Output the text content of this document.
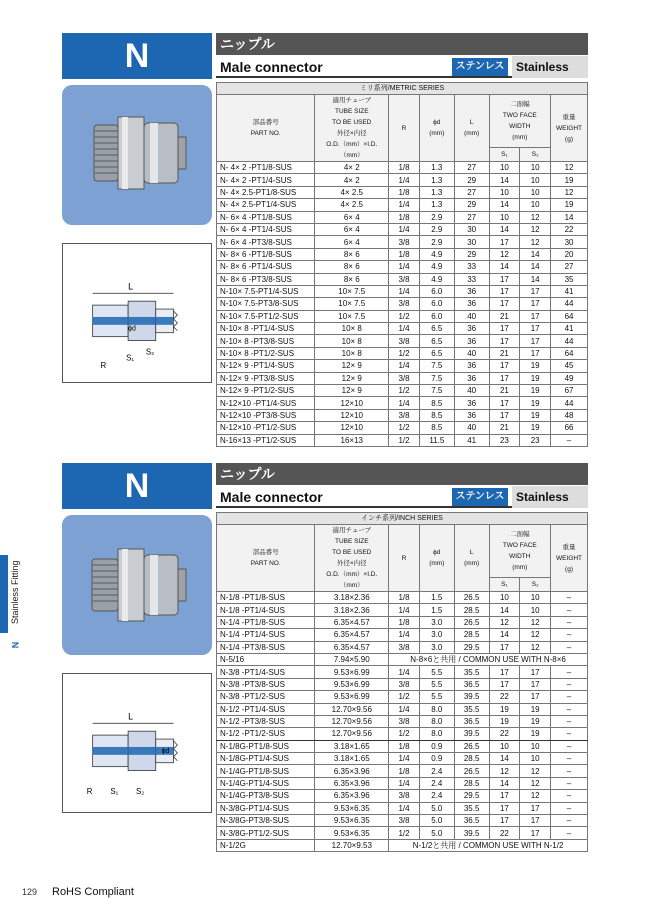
N	ニップル
Male connector	ステンレス Stainless
L
ϕd
R
S₁
S₂
ミリ系列/METRIC SERIES							
部品番号
PART NO.	適用チューブ
TUBE SIZE
TO BE USED
外径×内径
O.D.（mm）×I.D.（mm）	R	ϕd
(mm)	L
(mm)	二面幅
TWO FACE
WIDTH
(mm)		重量
WEIGHT
(g)
					S₁	S₂	
N- 4× 2 -PT1/8-SUS	4× 2	1/8	1.3	27	10	10	12
N- 4× 2 -PT1/4-SUS	4× 2	1/4	1.3	29	14	10	19
N- 4× 2.5-PT1/8-SUS	4× 2.5	1/8	1.3	27	10	10	12
N- 4× 2.5-PT1/4-SUS	4× 2.5	1/4	1.3	29	14	10	19
N- 6× 4 -PT1/8-SUS	6× 4	1/8	2.9	27	10	12	14
N- 6× 4 -PT1/4-SUS	6× 4	1/4	2.9	30	14	12	22
N- 6× 4 -PT3/8-SUS	6× 4	3/8	2.9	30	17	12	30
N- 8× 6 -PT1/8-SUS	8× 6	1/8	4.9	29	12	14	20
N- 8× 6 -PT1/4-SUS	8× 6	1/4	4.9	33	14	14	27
N- 8× 6 -PT3/8-SUS	8× 6	3/8	4.9	33	17	14	35
N-10× 7.5-PT1/4-SUS	10× 7.5	1/4	6.0	36	17	17	41
N-10× 7.5-PT3/8-SUS	10× 7.5	3/8	6.0	36	17	17	44
N-10× 7.5-PT1/2-SUS	10× 7.5	1/2	6.0	40	21	17	64
N-10× 8 -PT1/4-SUS	10× 8	1/4	6.5	36	17	17	41
N-10× 8 -PT3/8-SUS	10× 8	3/8	6.5	36	17	17	44
N-10× 8 -PT1/2-SUS	10× 8	1/2	6.5	40	21	17	64
N-12× 9 -PT1/4-SUS	12× 9	1/4	7.5	36	17	19	45
N-12× 9 -PT3/8-SUS	12× 9	3/8	7.5	36	17	19	49
N-12× 9 -PT1/2-SUS	12× 9	1/2	7.5	40	21	19	67
N-12×10 -PT1/4-SUS	12×10	1/4	8.5	36	17	19	44
N-12×10 -PT3/8-SUS	12×10	3/8	8.5	36	17	19	48
N-12×10 -PT1/2-SUS	12×10	1/2	8.5	40	21	19	66
N-16×13 -PT1/2-SUS	16×13	1/2	11.5	41	23	23	–
N	ニップル
Male connector	ステンレス Stainless
L
ϕd
R S₁ S₂
インチ系列/INCH SERIES							
部品番号
PART NO.	適用チューブ
TUBE SIZE
TO BE USED
外径×内径
O.D.（mm）×I.D.（mm）	R	ϕd
(mm)	L
(mm)	二面幅
TWO FACE
WIDTH
(mm)		重量
WEIGHT
(g)
					S₁	S₂	
N-1/8 -PT1/8-SUS	3.18×2.36	1/8	1.5	26.5	10	10	–
N-1/8 -PT1/4-SUS	3.18×2.36	1/4	1.5	28.5	14	10	–
N-1/4 -PT1/8-SUS	6.35×4.57	1/8	3.0	26.5	12	12	–
N-1/4 -PT1/4-SUS	6.35×4.57	1/4	3.0	28.5	14	12	–
N-1/4 -PT3/8-SUS	6.35×4.57	3/8	3.0	29.5	17	12	–
N-5/16	7.94×5.90	N-8×6と共用 / COMMON USE WITH N-8×6					
N-3/8 -PT1/4-SUS	9.53×6.99	1/4	5.5	35.5	17	17	–
N-3/8 -PT3/8-SUS	9.53×6.99	3/8	5.5	36.5	17	17	–
N-3/8 -PT1/2-SUS	9.53×6.99	1/2	5.5	39.5	22	17	–
N-1/2 -PT1/4-SUS	12.70×9.56	1/4	8.0	35.5	19	19	–
N-1/2 -PT3/8-SUS	12.70×9.56	3/8	8.0	36.5	19	19	–
N-1/2 -PT1/2-SUS	12.70×9.56	1/2	8.0	39.5	22	19	–
N-1/8G-PT1/8-SUS	3.18×1.65	1/8	0.9	26.5	10	10	–
N-1/8G-PT1/4-SUS	3.18×1.65	1/4	0.9	28.5	14	10	–
N-1/4G-PT1/8-SUS	6.35×3.96	1/8	2.4	26.5	12	12	–
N-1/4G-PT1/4-SUS	6.35×3.96	1/4	2.4	28.5	14	12	–
N-1/4G-PT3/8-SUS	6.35×3.96	3/8	2.4	29.5	17	12	–
N-3/8G-PT1/4-SUS	9.53×6.35	1/4	5.0	35.5	17	17	–
N-3/8G-PT3/8-SUS	9.53×6.35	3/8	5.0	36.5	17	17	–
N-3/8G-PT1/2-SUS	9.53×6.35	1/2	5.0	39.5	22	17	–
N-1/2G	12.70×9.53	N-1/2と共用 / COMMON USE WITH N-1/2					
Stainless Fitting
N
129 RoHS Compliant
